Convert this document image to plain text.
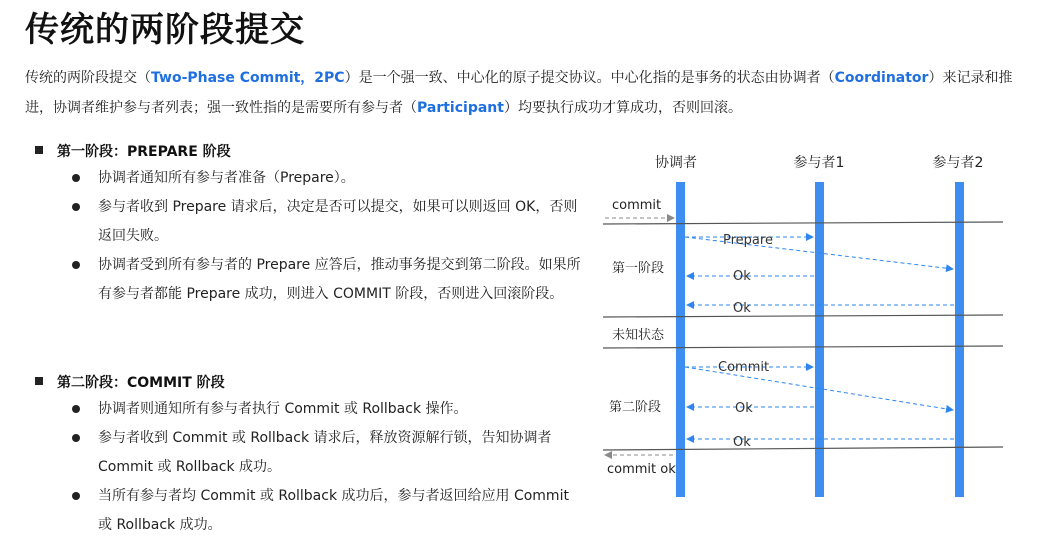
传统的两阶段提交
传统的两阶段提交（Two-Phase Commit，2PC）是一个强一致、中心化的原子提交协议。中心化指的是事务的状态由协调者（Coordinator）来记录和推进，协调者维护参与者列表；强一致性指的是需要所有参与者（Participant）均要执行成功才算成功，否则回滚。
第一阶段：PREPARE 阶段
协调者通知所有参与者准备（Prepare）。
参与者收到 Prepare 请求后，决定是否可以提交，如果可以则返回 OK，否则返回失败。
协调者受到所有参与者的 Prepare 应答后，推动事务提交到第二阶段。如果所有参与者都能 Prepare 成功，则进入 COMMIT 阶段，否则进入回滚阶段。
第二阶段：COMMIT 阶段
协调者则通知所有参与者执行 Commit 或 Rollback 操作。
参与者收到 Commit 或 Rollback 请求后，释放资源解行锁，告知协调者 Commit 或 Rollback 成功。
当所有参与者均 Commit 或 Rollback 成功后，参与者返回给应用 Commit 或 Rollback 成功。
协调者	参与者1	参与者2
commit
第一阶段
未知状态
第二阶段
commit ok
Prepare
Ok
Ok
Commit
Ok
Ok
